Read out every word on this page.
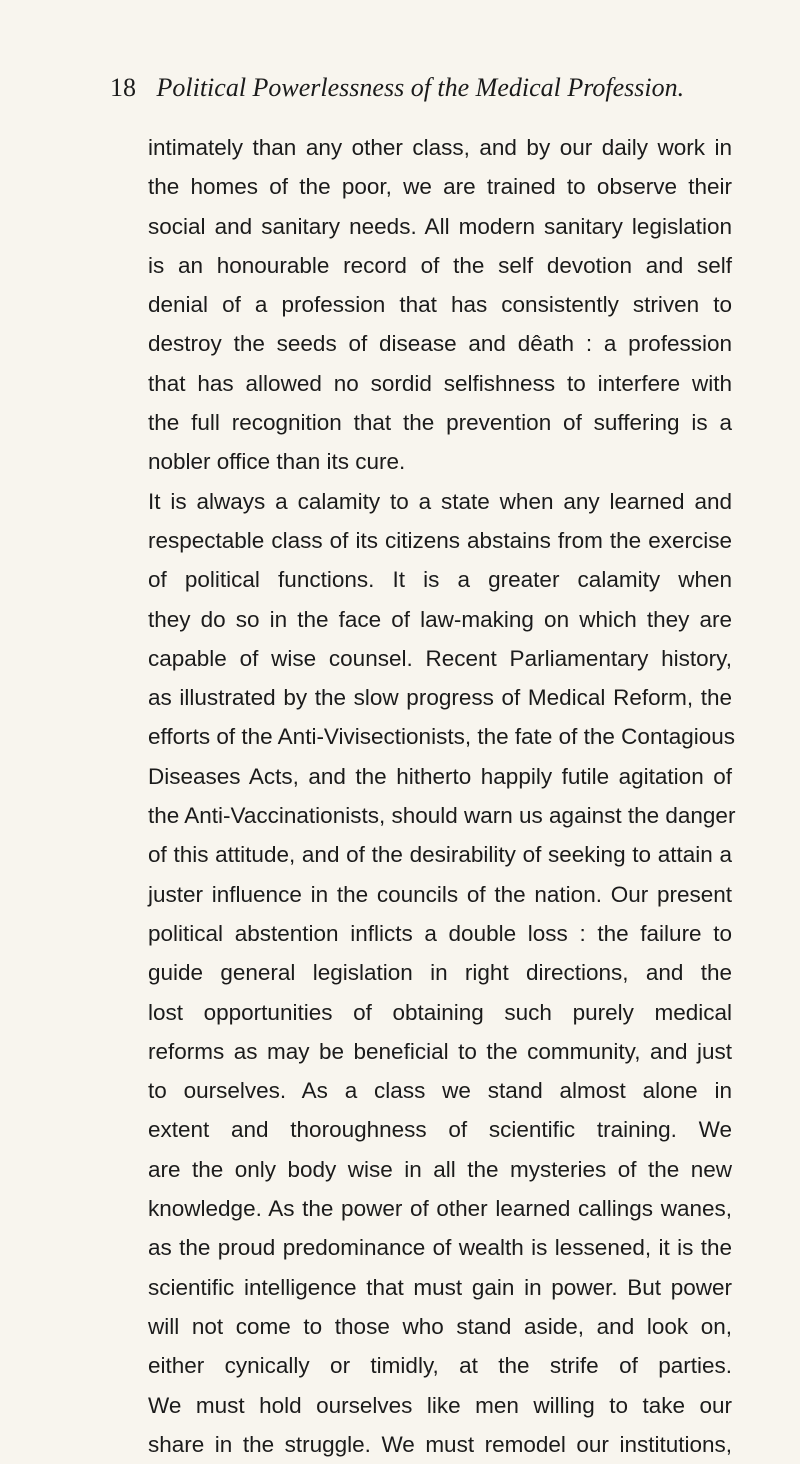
18 Political Powerlessness of the Medical Profession.
intimately than any other class, and by our daily work in
the homes of the poor, we are trained to observe their
social and sanitary needs. All modern sanitary legislation
is an honourable record of the self devotion and self
denial of a profession that has consistently striven to
destroy the seeds of disease and dêath : a profession
that has allowed no sordid selfishness to interfere with
the full recognition that the prevention of suffering is a
nobler office than its cure.
It is always a calamity to a state when any learned and
respectable class of its citizens abstains from the exercise
of political functions. It is a greater calamity when
they do so in the face of law-making on which they are
capable of wise counsel. Recent Parliamentary history,
as illustrated by the slow progress of Medical Reform, the
efforts of the Anti-Vivisectionists, the fate of the Contagious
Diseases Acts, and the hitherto happily futile agitation of
the Anti-Vaccinationists, should warn us against the danger
of this attitude, and of the desirability of seeking to attain a
juster influence in the councils of the nation. Our present
political abstention inflicts a double loss : the failure to
guide general legislation in right directions, and the
lost opportunities of obtaining such purely medical
reforms as may be beneficial to the community, and just
to ourselves. As a class we stand almost alone in
extent and thoroughness of scientific training. We
are the only body wise in all the mysteries of the new
knowledge. As the power of other learned callings wanes,
as the proud predominance of wealth is lessened, it is the
scientific intelligence that must gain in power. But power
will not come to those who stand aside, and look on,
either cynically or timidly, at the strife of parties.
We must hold ourselves like men willing to take our
share in the struggle. We must remodel our institutions,
